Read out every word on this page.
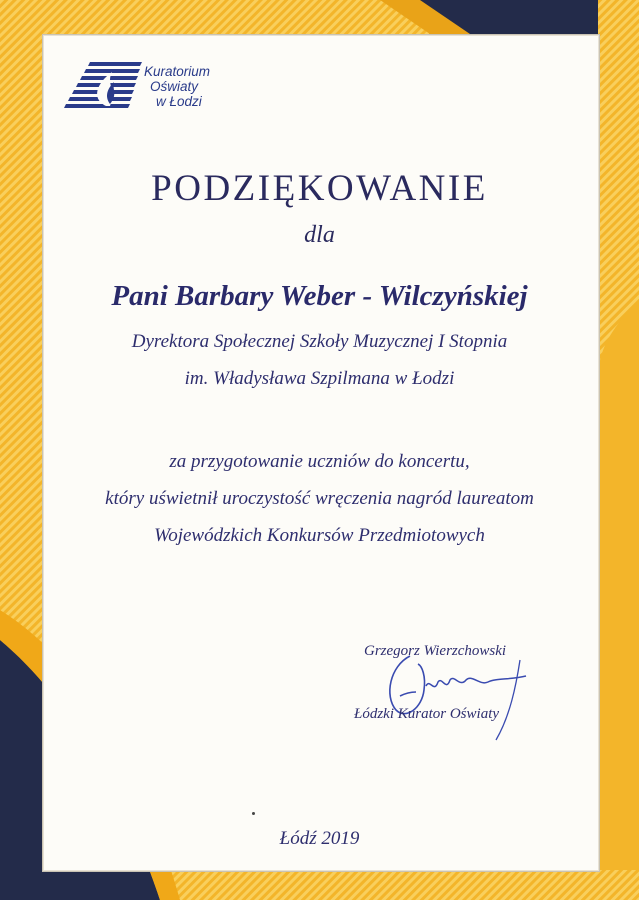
Kuratorium
Oświaty
w Łodzi
PODZIĘKOWANIE
dla
Pani Barbary Weber - Wilczyńskiej
Dyrektora Społecznej Szkoły Muzycznej I Stopnia
im. Władysława Szpilmana w Łodzi
za przygotowanie uczniów do koncertu,
który uświetnił uroczystość wręczenia nagród laureatom
Wojewódzkich Konkursów Przedmiotowych
Grzegorz Wierzchowski
Łódzki Kurator Oświaty
Łódź 2019
